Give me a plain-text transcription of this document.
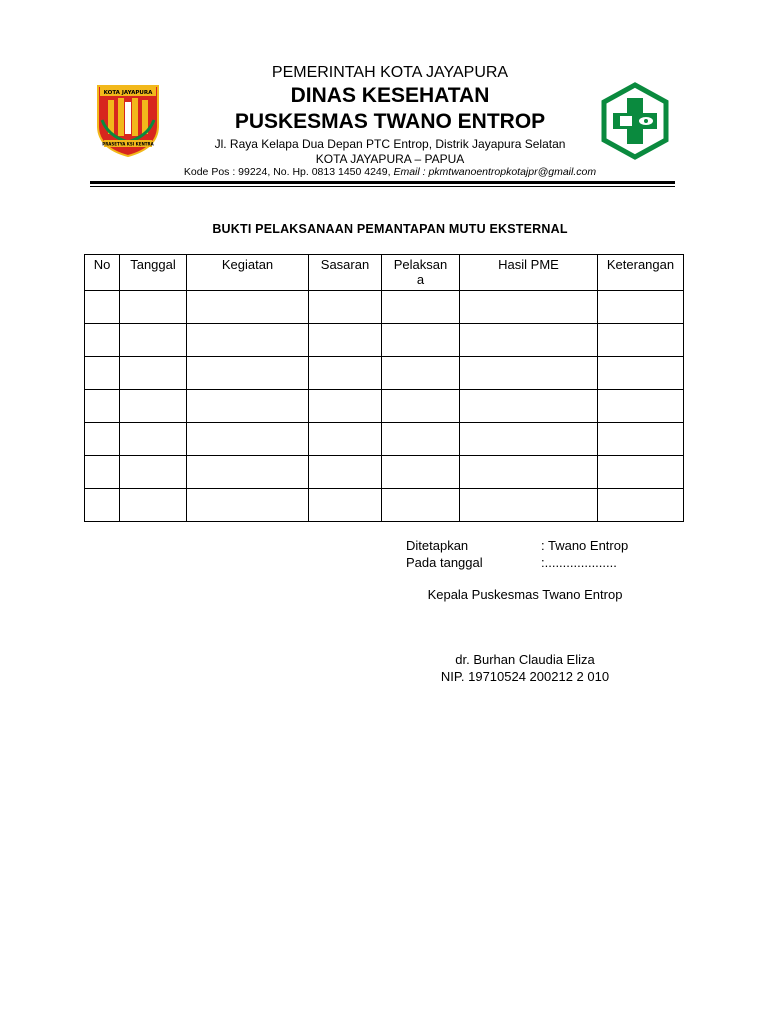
KOTA JAYAPURA
PRASETYA KSI KENTRA
PEMERINTAH KOTA JAYAPURA
DINAS KESEHATAN
PUSKESMAS TWANO ENTROP
Jl. Raya Kelapa Dua Depan PTC Entrop, Distrik Jayapura Selatan
KOTA JAYAPURA – PAPUA
Kode Pos : 99224, No. Hp. 0813 1450 4249, Email : pkmtwanoentropkotajpr@gmail.com
BUKTI PELAKSANAAN PEMANTAPAN MUTU EKSTERNAL
No	Tanggal	Kegiatan	Sasaran	Pelaksan a	Hasil PME	Keterangan

Ditetapkan	: Twano Entrop
Pada tanggal	:....................
Kepala Puskesmas Twano Entrop
dr. Burhan Claudia Eliza
NIP. 19710524 200212 2 010
